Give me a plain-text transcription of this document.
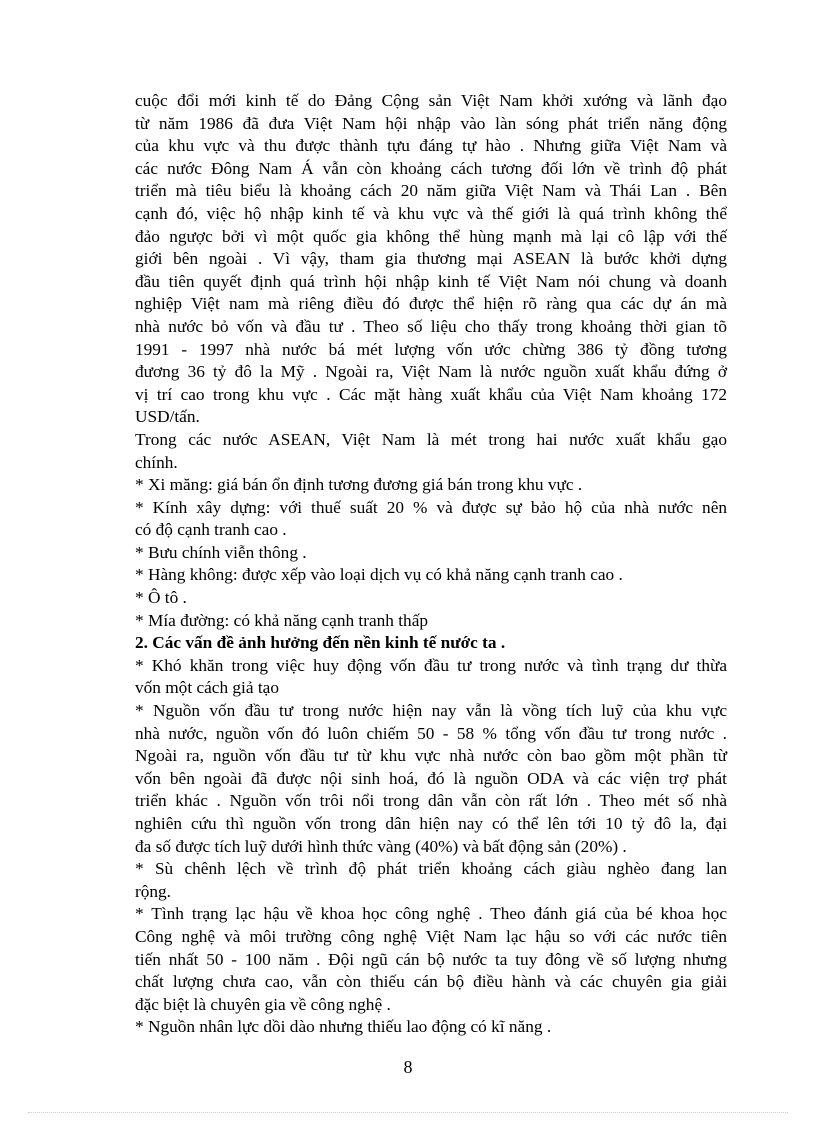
cuộc đổi mới kinh tế do Đảng Cộng sản Việt Nam khởi xướng và lãnh đạo
từ năm 1986 đã đưa Việt Nam hội nhập vào làn sóng phát triển năng động
của khu vực và thu được thành tựu đáng tự hào . Nhưng giữa Việt Nam và
các nước Đông Nam Á vẫn còn khoảng cách tương đối lớn về trình độ phát
triển mà tiêu biểu là khoảng cách 20 năm giữa Việt Nam và Thái Lan . Bên
cạnh đó, việc hộ nhập kinh tế và khu vực và thế giới là quá trình không thể
đảo ngược bởi vì một quốc gia không thể hùng mạnh mà lại cô lập với thế
giới bên ngoài . Vì vậy, tham gia thương mại ASEAN là bước khởi dựng
đầu tiên quyết định quá trình hội nhập kinh tế Việt Nam nói chung và doanh
nghiệp Việt nam mà riêng điều đó được thể hiện rõ ràng qua các dự án mà
nhà nước bỏ vốn và đầu tư . Theo số liệu cho thấy trong khoảng thời gian tõ
1991 - 1997 nhà nước bá mét lượng vốn ước chừng 386 tỷ đồng tương
đương 36 tỷ đô la Mỹ . Ngoài ra, Việt Nam là nước nguồn xuất khẩu đứng ở
vị trí cao trong khu vực . Các mặt hàng xuất khẩu của Việt Nam khoảng 172
USD/tấn.
Trong các nước ASEAN, Việt Nam là mét trong hai nước xuất khẩu gạo
chính.
* Xi măng: giá bán ổn định tương đương giá bán trong khu vực .
* Kính xây dựng: với thuế suất 20 % và được sự bảo hộ của nhà nước nên
có độ cạnh tranh cao .
* Bưu chính viễn thông .
* Hàng không: được xếp vào loại dịch vụ có khả năng cạnh tranh cao .
* Ô tô .
* Mía đường: có khả năng cạnh tranh thấp
2. Các vấn đề ảnh hưởng đến nền kinh tế nước ta .
* Khó khăn trong việc huy động vốn đầu tư trong nước và tình trạng dư thừa
vốn một cách giả tạo
* Nguồn vốn đầu tư trong nước hiện nay vẫn là vồng tích luỹ của khu vực
nhà nước, nguồn vốn đó luôn chiếm 50 - 58 % tổng vốn đầu tư trong nước .
Ngoài ra, nguồn vốn đầu tư từ khu vực nhà nước còn bao gồm một phần từ
vốn bên ngoài đã được nội sinh hoá, đó là nguồn ODA và các viện trợ phát
triển khác . Nguồn vốn trôi nổi trong dân vẫn còn rất lớn . Theo mét số nhà
nghiên cứu thì nguồn vốn trong dân hiện nay có thể lên tới 10 tỷ đô la, đại
đa số được tích luỹ dưới hình thức vàng (40%) và bất động sản (20%) .
* Sù chênh lệch về trình độ phát triển khoảng cách giàu nghèo đang lan
rộng.
* Tình trạng lạc hậu về khoa học công nghệ . Theo đánh giá của bé khoa học
Công nghệ và môi trường công nghệ Việt Nam lạc hậu so với các nước tiên
tiến nhất 50 - 100 năm . Đội ngũ cán bộ nước ta tuy đông về số lượng nhưng
chất lượng chưa cao, vẫn còn thiếu cán bộ điều hành và các chuyên gia giải
đặc biệt là chuyên gia về công nghệ .
* Nguồn nhân lực dồi dào nhưng thiếu lao động có kĩ năng .
8
